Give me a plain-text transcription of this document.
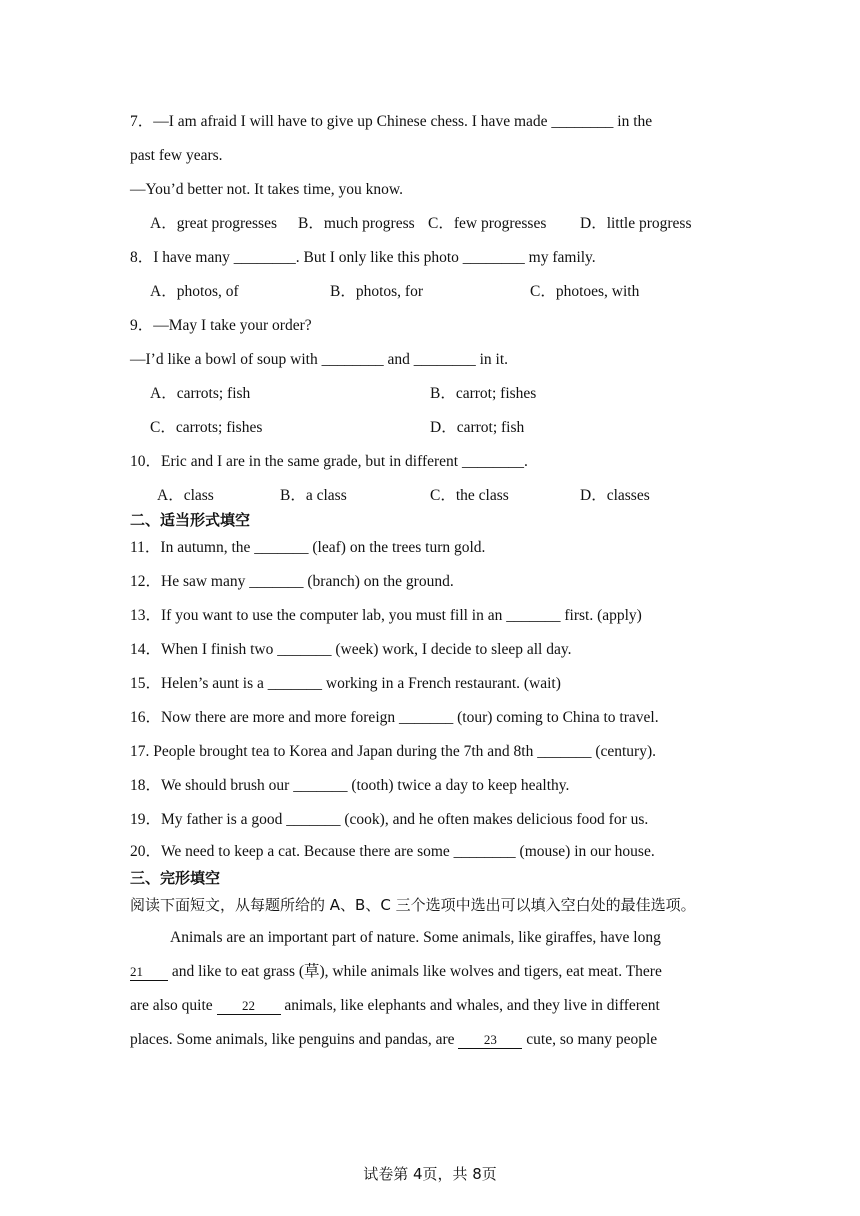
7．—I am afraid I will have to give up Chinese chess. I have made ________ in the
past few years.
—You’d better not. It takes time, you know.
A．great progresses B．much progress C．few progresses D．little progress
8．I have many ________. But I only like this photo ________ my family.
A．photos, of	B．photos, for	C．photoes, with
9．—May I take your order?
—I’d like a bowl of soup with ________ and ________ in it.
A．carrots; fish	B．carrot; fishes
C．carrots; fishes	D．carrot; fish
10．Eric and I are in the same grade, but in different ________.
A．class	B．a class	C．the class	D．classes
二、适当形式填空
11．In autumn, the _______ (leaf) on the trees turn gold.
12．He saw many _______ (branch) on the ground.
13．If you want to use the computer lab, you must fill in an _______ first. (apply)
14．When I finish two _______ (week) work, I decide to sleep all day.
15．Helen’s aunt is a _______ working in a French restaurant. (wait)
16．Now there are more and more foreign _______ (tour) coming to China to travel.
17. People brought tea to Korea and Japan during the 7th and 8th _______ (century).
18．We should brush our _______ (tooth) twice a day to keep healthy.
19．My father is a good _______ (cook), and he often makes delicious food for us.
20．We need to keep a cat. Because there are some ________ (mouse) in our house.
三、完形填空
阅读下面短文，从每题所给的 A、B、C 三个选项中选出可以填入空白处的最佳选项。
Animals are an important part of nature. Some animals, like giraffes, have long
21 and like to eat grass (草), while animals like wolves and tigers, eat meat. There
are also quite 22 animals, like elephants and whales, and they live in different
places. Some animals, like penguins and pandas, are 23 cute, so many people
试卷第 4页，共 8页
